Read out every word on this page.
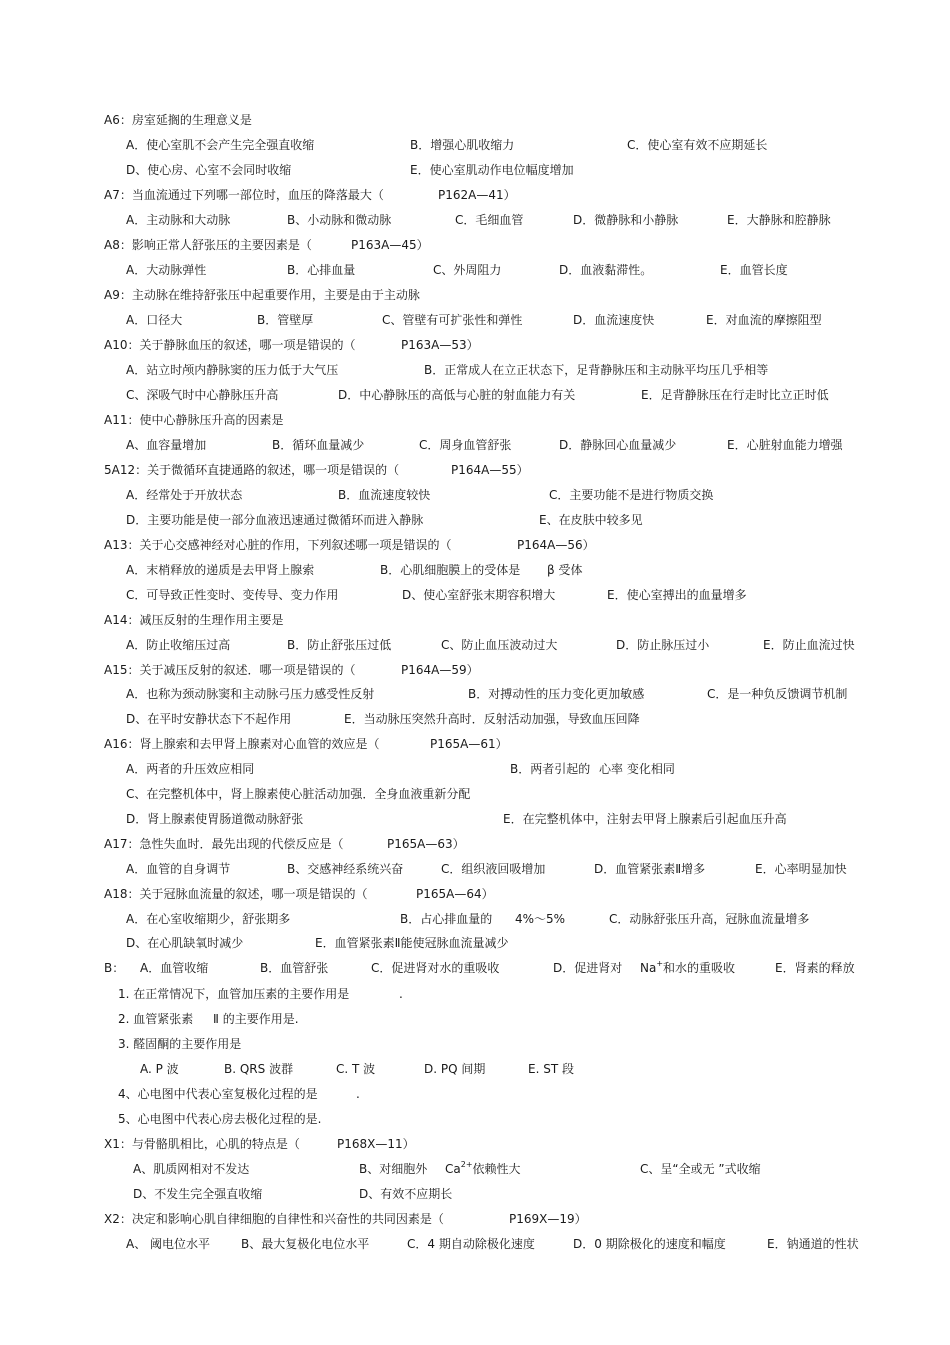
A6：房室延搁的生理意义是
A．使心室肌不会产生完全强直收缩	B．增强心肌收缩力	C．使心室有效不应期延长
D、使心房、心室不会同时收缩	E．使心室肌动作电位幅度增加
A7：当血流通过下列哪一部位时，血压的降落最大（	P162A—41）
A．主动脉和大动脉	B、小动脉和微动脉	C．毛细血管	D．微静脉和小静脉	E．大静脉和腔静脉
A8：影响正常人舒张压的主要因素是（	P163A—45）
A．大动脉弹性	B．心排血量	C、外周阻力	D．血液黏滞性。	E．血管长度
A9：主动脉在维持舒张压中起重要作用，主要是由于主动脉
A．口径大	B．管壁厚	C、管壁有可扩张性和弹性	D．血流速度快	E．对血流的摩擦阻型
A10：关于静脉血压的叙述，哪一项是错误的（	P163A—53）
A．站立时颅内静脉窦的压力低于大气压	B．正常成人在立正状态下，足背静脉压和主动脉平均压几乎相等
C、深吸气时中心静脉压升高	D．中心静脉压的高低与心脏的射血能力有关	E．足背静脉压在行走时比立正时低
A11：使中心静脉压升高的因素是
A、血容量增加	B．循环血量减少	C．周身血管舒张	D．静脉回心血量减少	E．心脏射血能力增强
5A12：关于微循环直捷通路的叙述，哪一项是错误的（	P164A—55）
A．经常处于开放状态	B．血流速度较快	C．主要功能不是进行物质交换
D．主要功能是使一部分血液迅速通过微循环而进入静脉	E、在皮肤中较多见
A13：关于心交感神经对心脏的作用，下列叙述哪一项是错误的（	P164A—56）
A．末梢释放的递质是去甲肾上腺索	B．心肌细胞膜上的受体是 β 受体
C．可导致正性变时、变传导、变力作用	D、使心室舒张末期容积增大	E．使心室搏出的血量增多
A14：减压反射的生理作用主要是
A．防止收缩压过高	B．防止舒张压过低	C、防止血压波动过大	D．防止脉压过小	E．防止血流过快
A15：关于减压反射的叙述．哪一项是错误的（	P164A—59）
A．也称为颈动脉窦和主动脉弓压力感受性反射	B．对搏动性的压力变化更加敏感	C．是一种负反馈调节机制
D、在平时安静状态下不起作用	E．当动脉压突然升高时．反射活动加强，导致血压回降
A16：肾上腺索和去甲肾上腺素对心血管的效应是（	P165A—61）
A．两者的升压效应相同	B．两者引起的 心率 变化相同
C、在完整机体中，肾上腺素使心脏活动加强．全身血液重新分配
D．肾上腺素使胃肠道微动脉舒张	E．在完整机体中，注射去甲肾上腺素后引起血压升高
A17：急性失血时．最先出现的代偿反应是（	P165A—63）
A．血管的自身调节	B、交感神经系统兴奋	C．组织液回吸增加	D．血管紧张素Ⅱ增多	E．心率明显加快
A18：关于冠脉血流量的叙述，哪一项是错误的（	P165A—64）
A．在心室收缩期少，舒张期多	B．占心排血量的 4%～5%	C．动脉舒张压升高，冠脉血流量增多
D、在心肌缺氧时减少	E．血管紧张素Ⅱ能使冠脉血流量减少
B： A．血管收缩	B．血管舒张	C．促进肾对水的重吸收	D．促进肾对 Na+和水的重吸收	E．肾素的释放
1. 在正常情况下，血管加压素的主要作用是	.
2. 血管紧张素 Ⅱ 的主要作用是.
3. 醛固酮的主要作用是
A. P 波	B. QRS 波群	C. T 波	D. PQ 间期	E. ST 段
4、心电图中代表心室复极化过程的是	.
5、心电图中代表心房去极化过程的是.
X1：与骨骼肌相比，心肌的特点是（	P168X—11）
A、肌质网相对不发达	B、对细胞外 $Ca^{2+}$依赖性大	C、呈“全或无 ”式收缩
D、不发生完全强直收缩	D、有效不应期长
X2：决定和影响心肌自律细胞的自律性和兴奋性的共同因素是（	P169X—19）
A、 阈电位水平	B、最大复极化电位水平	C．4 期自动除极化速度	D．0 期除极化的速度和幅度	E．钠通道的性状
